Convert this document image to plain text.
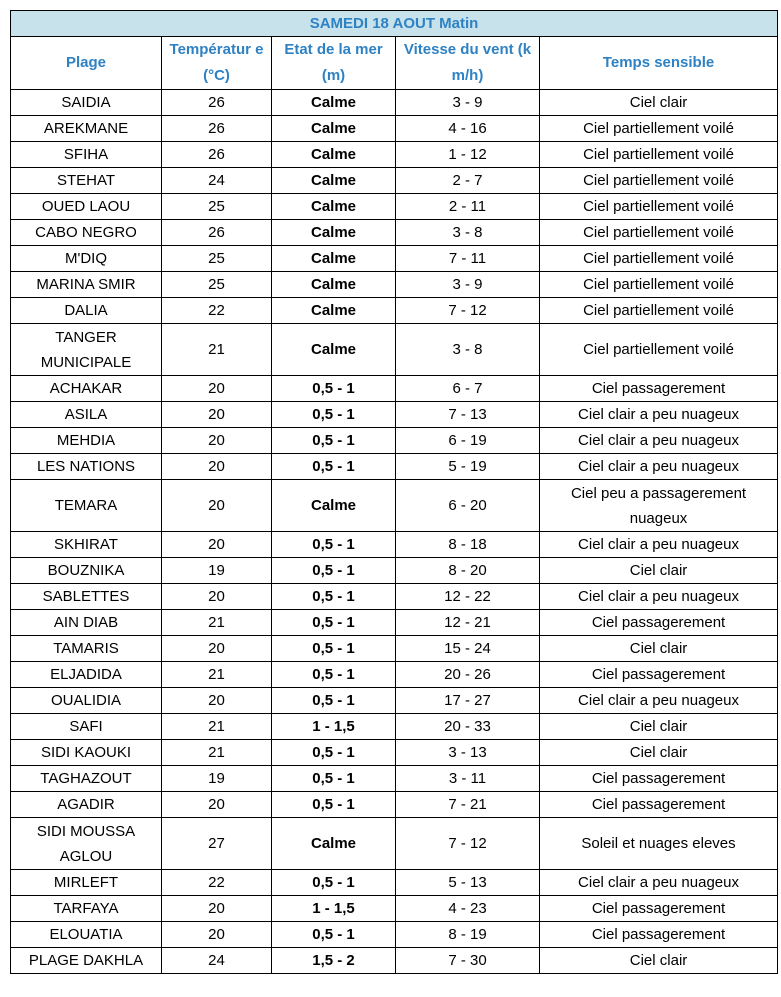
SAMEDI 18 AOUT Matin				
Plage	Températur e (°C)	Etat de la mer (m)	Vitesse du vent (km/h)	Temps sensible
SAIDIA	26	Calme	3 - 9	Ciel clair
AREKMANE	26	Calme	4 - 16	Ciel partiellement voilé
SFIHA	26	Calme	1 - 12	Ciel partiellement voilé
STEHAT	24	Calme	2 - 7	Ciel partiellement voilé
OUED LAOU	25	Calme	2 - 11	Ciel partiellement voilé
CABO NEGRO	26	Calme	3 - 8	Ciel partiellement voilé
M'DIQ	25	Calme	7 - 11	Ciel partiellement voilé
MARINA SMIR	25	Calme	3 - 9	Ciel partiellement voilé
DALIA	22	Calme	7 - 12	Ciel partiellement voilé
TANGER MUNICIPALE	21	Calme	3 - 8	Ciel partiellement voilé
ACHAKAR	20	0,5 - 1	6 - 7	Ciel passagerement
ASILA	20	0,5 - 1	7 - 13	Ciel clair a peu nuageux
MEHDIA	20	0,5 - 1	6 - 19	Ciel clair a peu nuageux
LES NATIONS	20	0,5 - 1	5 - 19	Ciel clair a peu nuageux
TEMARA	20	Calme	6 - 20	Ciel peu a passagerement nuageux
SKHIRAT	20	0,5 - 1	8 - 18	Ciel clair a peu nuageux
BOUZNIKA	19	0,5 - 1	8 - 20	Ciel clair
SABLETTES	20	0,5 - 1	12 - 22	Ciel clair a peu nuageux
AIN DIAB	21	0,5 - 1	12 - 21	Ciel passagerement
TAMARIS	20	0,5 - 1	15 - 24	Ciel clair
ELJADIDA	21	0,5 - 1	20 - 26	Ciel passagerement
OUALIDIA	20	0,5 - 1	17 - 27	Ciel clair a peu nuageux
SAFI	21	1 - 1,5	20 - 33	Ciel clair
SIDI KAOUKI	21	0,5 - 1	3 - 13	Ciel clair
TAGHAZOUT	19	0,5 - 1	3 - 11	Ciel passagerement
AGADIR	20	0,5 - 1	7 - 21	Ciel passagerement
SIDI MOUSSA AGLOU	27	Calme	7 - 12	Soleil et nuages eleves
MIRLEFT	22	0,5 - 1	5 - 13	Ciel clair a peu nuageux
TARFAYA	20	1 - 1,5	4 - 23	Ciel passagerement
ELOUATIA	20	0,5 - 1	8 - 19	Ciel passagerement
PLAGE DAKHLA	24	1,5 - 2	7 - 30	Ciel clair
